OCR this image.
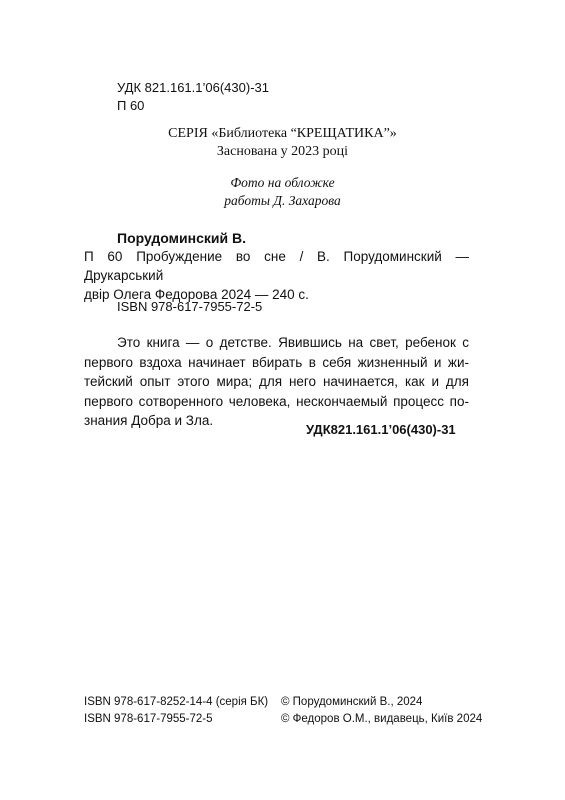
УДК 821.161.1’06(430)-31
П 60
СЕРІЯ «Библиотека “КРЕЩАТИКА”»
Заснована у 2023 році
Фото на обложке
работы Д. Захарова
Порудоминский В.
П 60 Пробуждение во сне / В. Порудоминский — Друкарський
двір Олега Федорова 2024 — 240 с.
ISBN 978-617-7955-72-5
Это книга — о детстве. Явившись на свет, ребенок с первого вздоха начинает вбирать в себя жизненный и житейский опыт этого мира; для него начинается, как и для первого сотворенного человека, нескончаемый процесс познания Добра и Зла.
УДК821.161.1’06(430)-31
ISBN 978-617-8252-14-4 (серія БК)
ISBN 978-617-7955-72-5
© Порудоминский В., 2024
© Федоров О.М., видавець, Київ 2024
